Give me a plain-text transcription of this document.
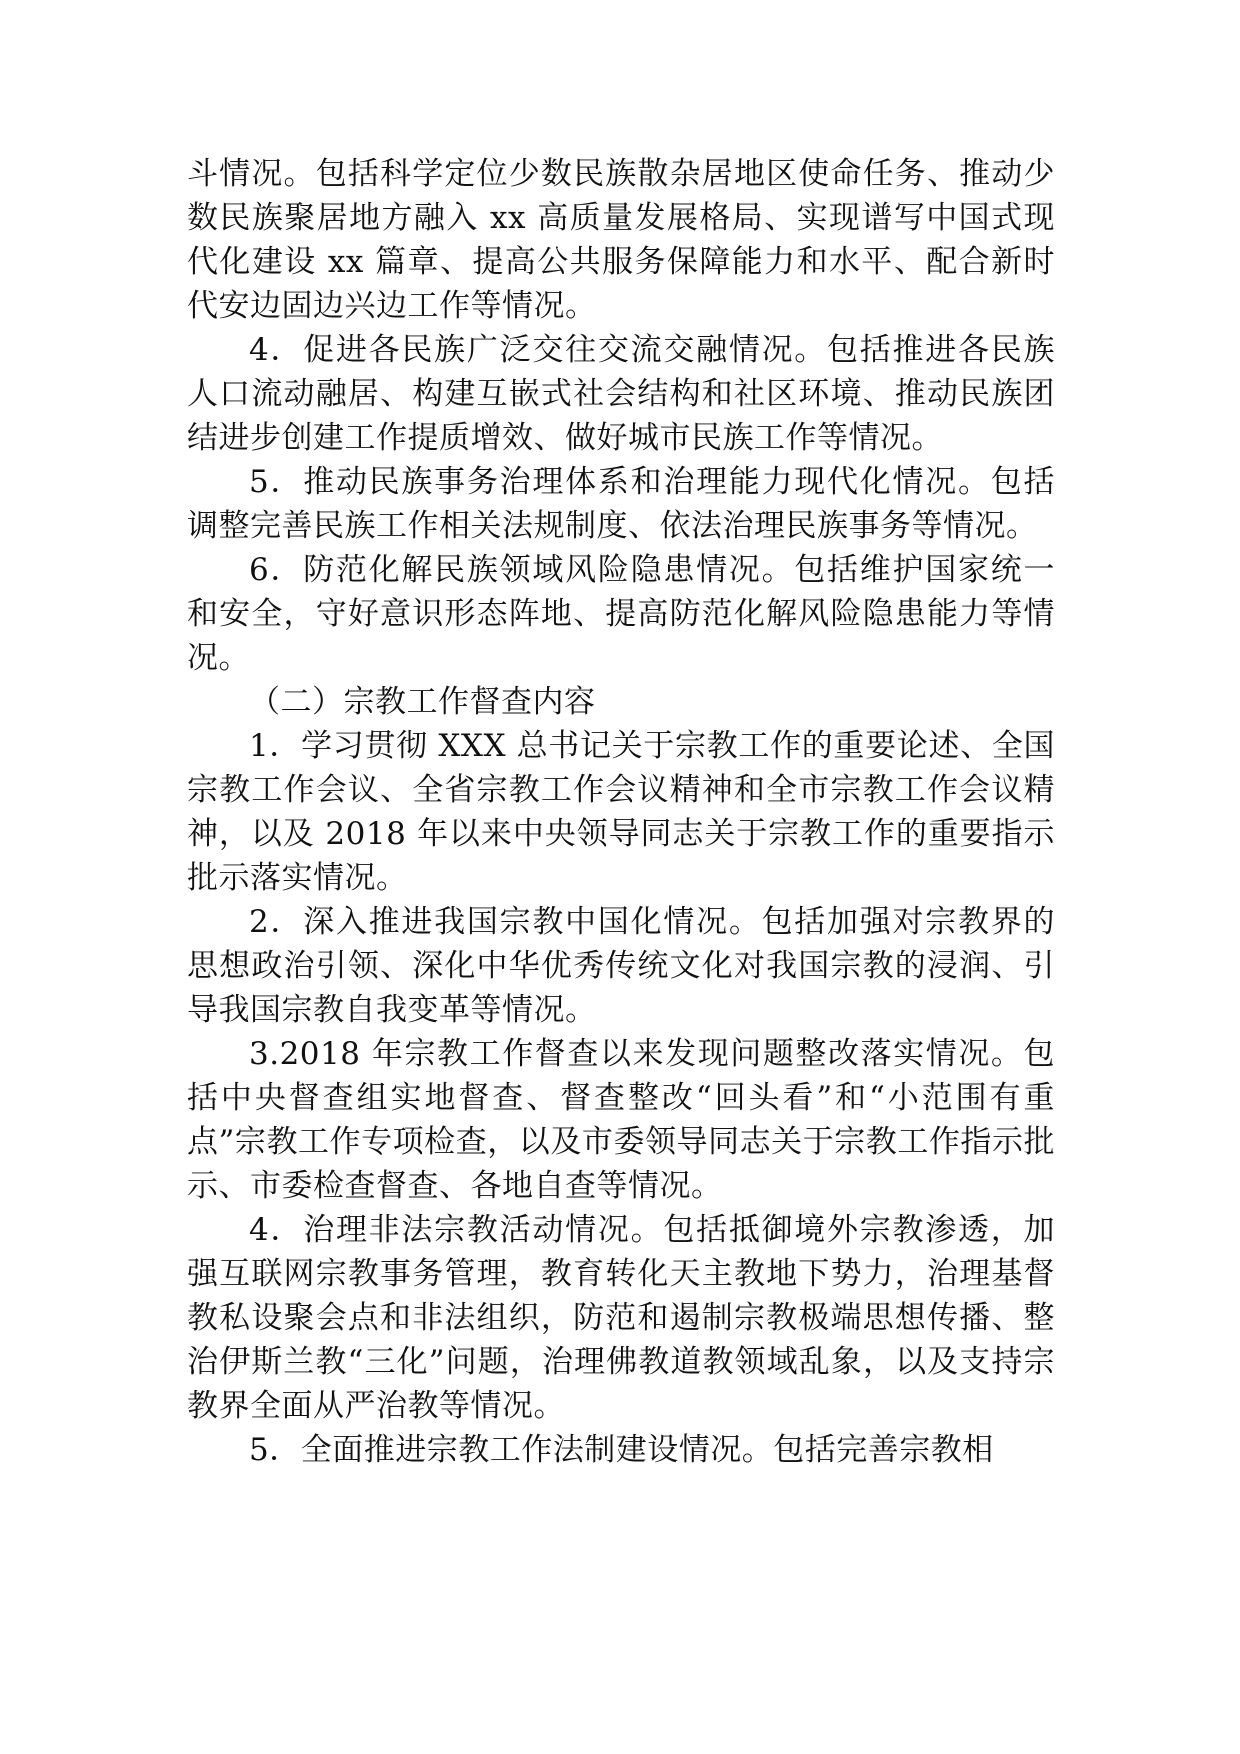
斗情况。包括科学定位少数民族散杂居地区使命任务、推动少数民族聚居地方融入 xx 高质量发展格局、实现谱写中国式现代化建设 xx 篇章、提高公共服务保障能力和水平、配合新时代安边固边兴边工作等情况。

4．促进各民族广泛交往交流交融情况。包括推进各民族人口流动融居、构建互嵌式社会结构和社区环境、推动民族团结进步创建工作提质增效、做好城市民族工作等情况。

5．推动民族事务治理体系和治理能力现代化情况。包括调整完善民族工作相关法规制度、依法治理民族事务等情况。

6．防范化解民族领域风险隐患情况。包括维护国家统一和安全，守好意识形态阵地、提高防范化解风险隐患能力等情况。

（二）宗教工作督查内容

1．学习贯彻 XXX 总书记关于宗教工作的重要论述、全国宗教工作会议、全省宗教工作会议精神和全市宗教工作会议精神，以及 2018 年以来中央领导同志关于宗教工作的重要指示批示落实情况。

2．深入推进我国宗教中国化情况。包括加强对宗教界的思想政治引领、深化中华优秀传统文化对我国宗教的浸润、引导我国宗教自我变革等情况。

3.2018 年宗教工作督查以来发现问题整改落实情况。包括中央督查组实地督查、督查整改“回头看”和“小范围有重点”宗教工作专项检查，以及市委领导同志关于宗教工作指示批示、市委检查督查、各地自查等情况。

4．治理非法宗教活动情况。包括抵御境外宗教渗透，加强互联网宗教事务管理，教育转化天主教地下势力，治理基督教私设聚会点和非法组织，防范和遏制宗教极端思想传播、整治伊斯兰教“三化”问题，治理佛教道教领域乱象，以及支持宗教界全面从严治教等情况。

5．全面推进宗教工作法制建设情况。包括完善宗教相
